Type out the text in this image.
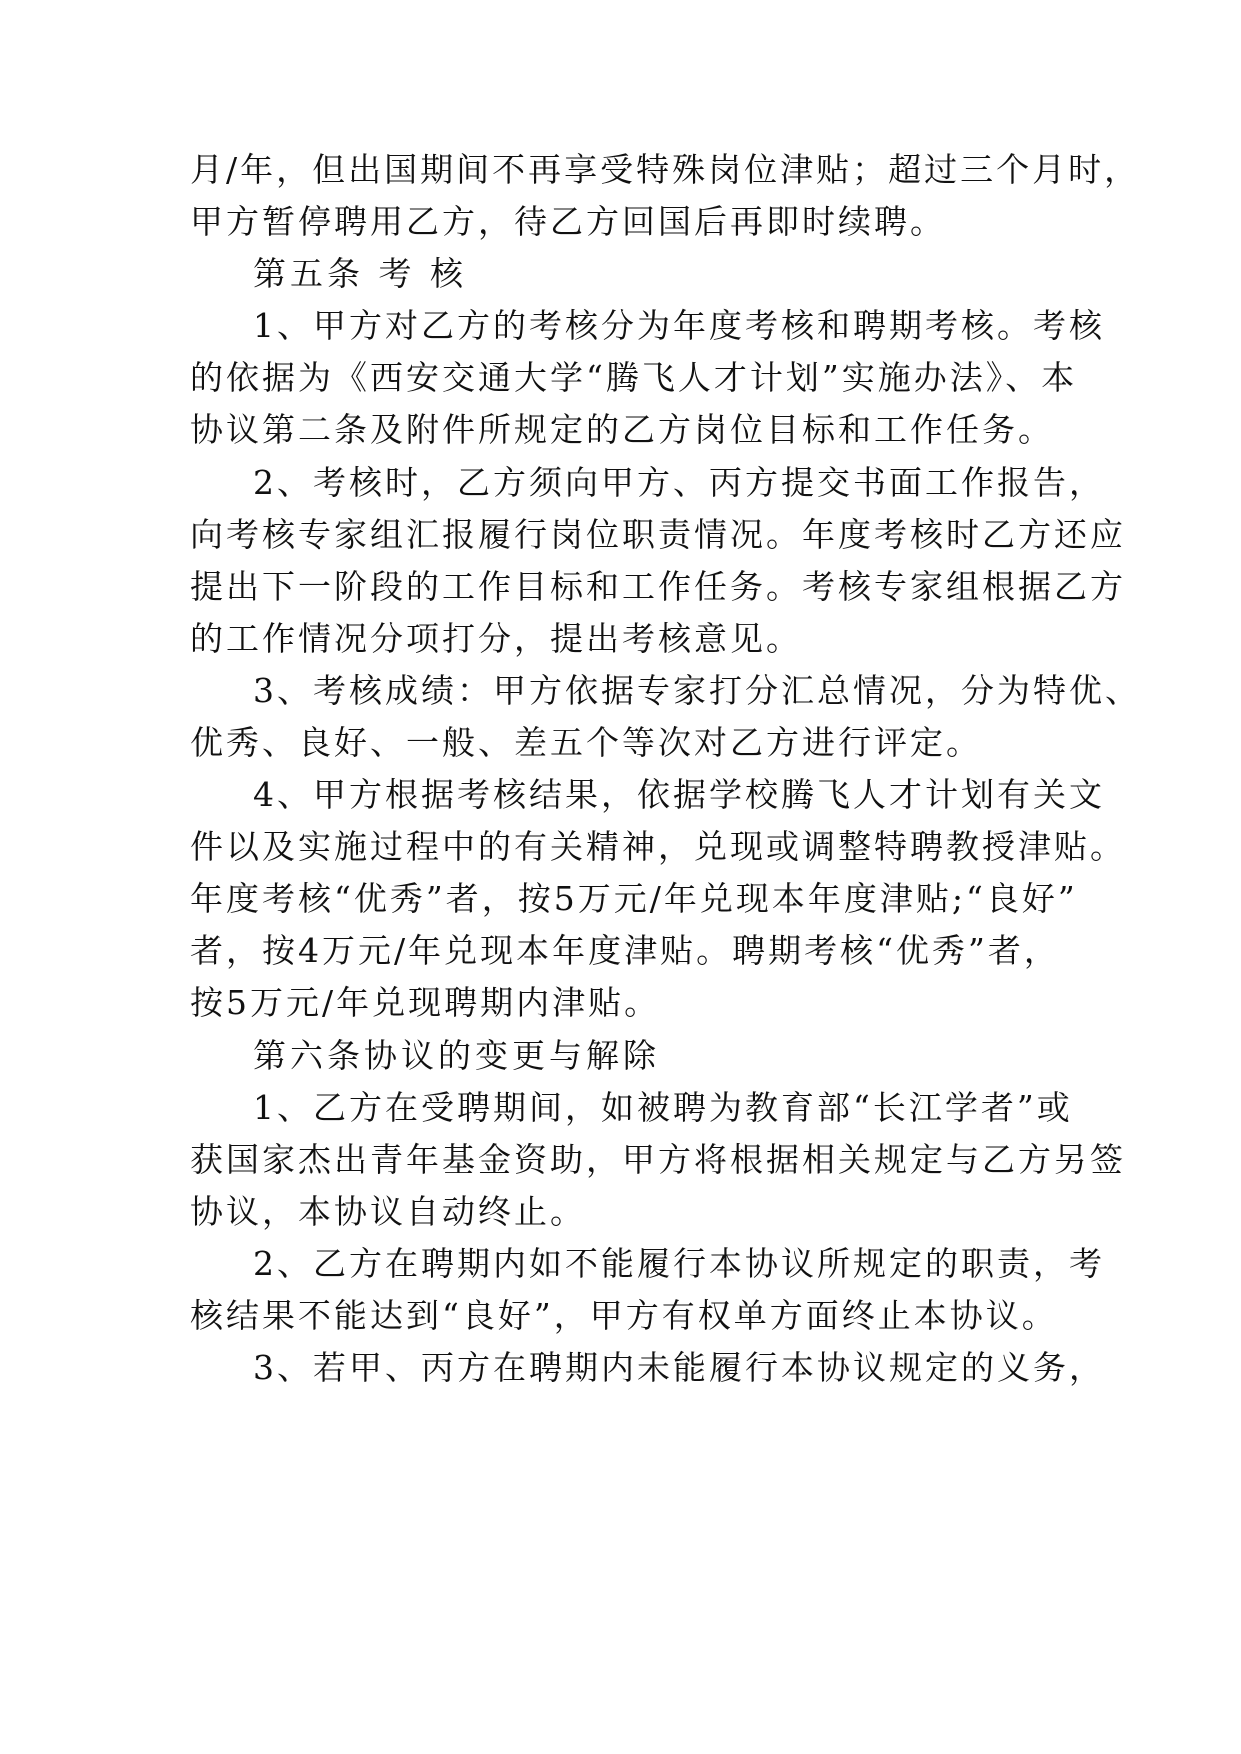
月/年，但出国期间不再享受特殊岗位津贴；超过三个月时，
甲方暂停聘用乙方，待乙方回国后再即时续聘。
第五条 考 核
1、甲方对乙方的考核分为年度考核和聘期考核。考核
的依据为《西安交通大学“腾飞人才计划”实施办法》、本
协议第二条及附件所规定的乙方岗位目标和工作任务。
2、考核时，乙方须向甲方、丙方提交书面工作报告，
向考核专家组汇报履行岗位职责情况。年度考核时乙方还应
提出下一阶段的工作目标和工作任务。考核专家组根据乙方
的工作情况分项打分，提出考核意见。
3、考核成绩：甲方依据专家打分汇总情况，分为特优、
优秀、良好、一般、差五个等次对乙方进行评定。
4、甲方根据考核结果，依据学校腾飞人才计划有关文
件以及实施过程中的有关精神，兑现或调整特聘教授津贴。
年度考核“优秀”者，按5万元/年兑现本年度津贴;“良好”
者，按4万元/年兑现本年度津贴。聘期考核“优秀”者，
按5万元/年兑现聘期内津贴。
第六条协议的变更与解除
1、乙方在受聘期间，如被聘为教育部“长江学者”或
获国家杰出青年基金资助，甲方将根据相关规定与乙方另签
协议，本协议自动终止。
2、乙方在聘期内如不能履行本协议所规定的职责，考
核结果不能达到“良好”，甲方有权单方面终止本协议。
3、若甲、丙方在聘期内未能履行本协议规定的义务，
